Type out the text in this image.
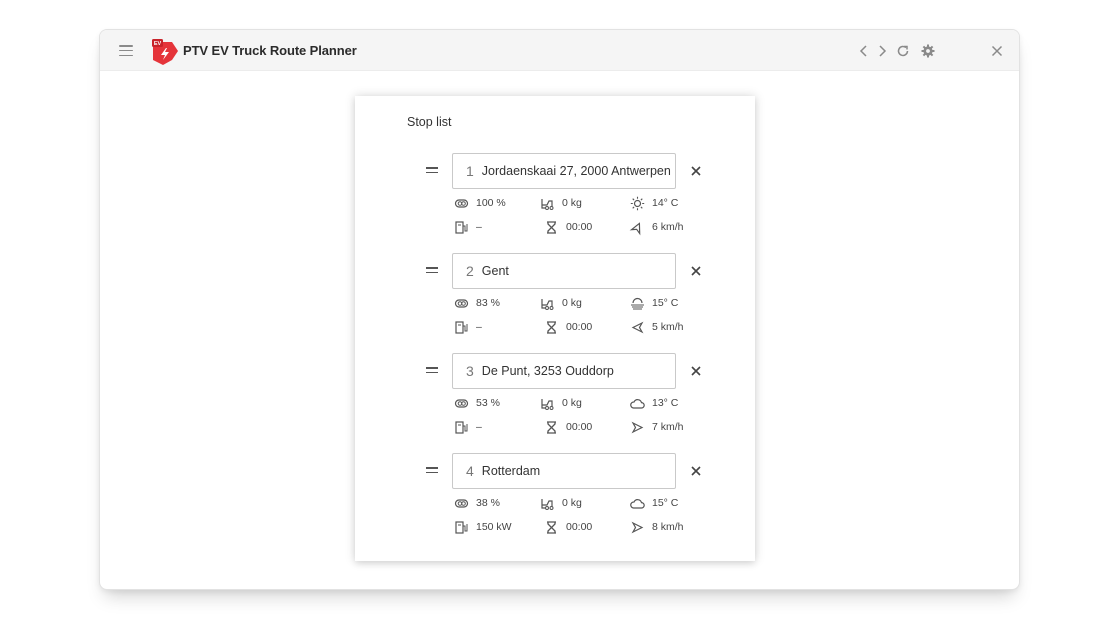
EV PTV EV Truck Route Planner
Stop list
1 Jordaenskaai 27, 2000 Antwerpen
100 %	0 kg	14° C
–	00:00	6 km/h
2 Gent
83 %	0 kg	15° C
–	00:00	5 km/h
3 De Punt, 3253 Ouddorp
53 %	0 kg	13° C
–	00:00	7 km/h
4 Rotterdam
38 %	0 kg	15° C
150 kW	00:00	8 km/h
